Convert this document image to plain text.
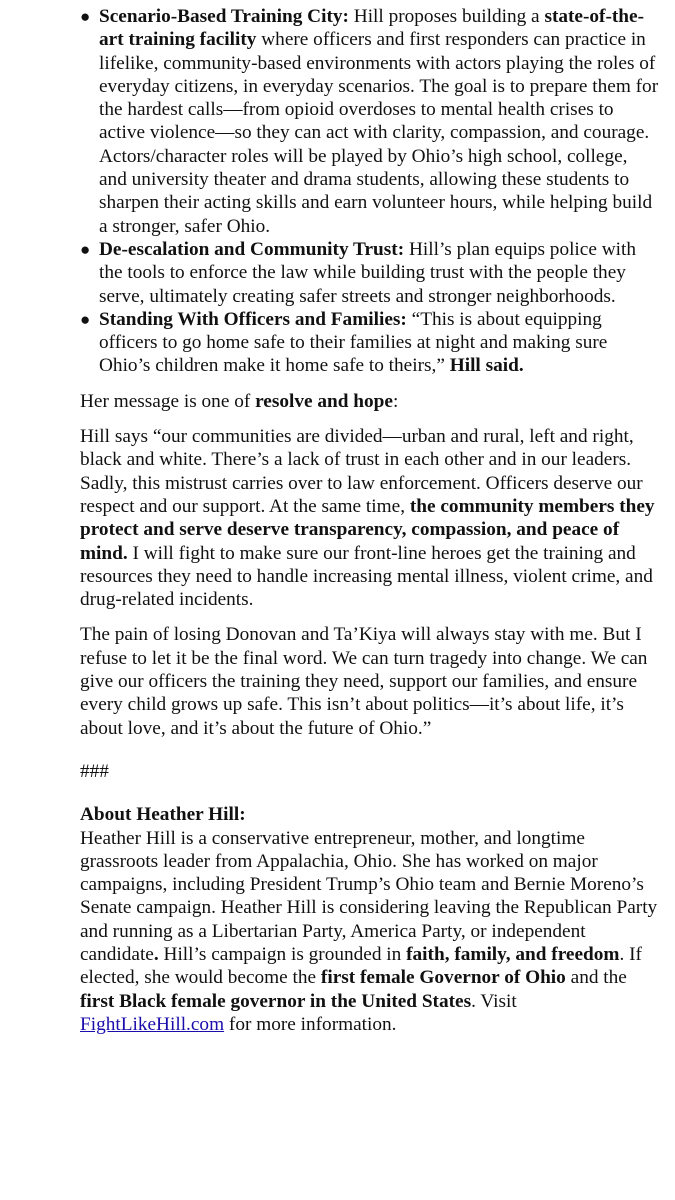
● Scenario-Based Training City: Hill proposes building a state-of-the-art training facility where officers and first responders can practice in lifelike, community-based environments with actors playing the roles of everyday citizens, in everyday scenarios. The goal is to prepare them for the hardest calls—from opioid overdoses to mental health crises to active violence—so they can act with clarity, compassion, and courage. Actors/character roles will be played by Ohio’s high school, college, and university theater and drama students, allowing these students to sharpen their acting skills and earn volunteer hours, while helping build a stronger, safer Ohio.
● De-escalation and Community Trust: Hill’s plan equips police with the tools to enforce the law while building trust with the people they serve, ultimately creating safer streets and stronger neighborhoods.
● Standing With Officers and Families: “This is about equipping officers to go home safe to their families at night and making sure Ohio’s children make it home safe to theirs,” Hill said.

Her message is one of resolve and hope:

Hill says “our communities are divided—urban and rural, left and right, black and white. There’s a lack of trust in each other and in our leaders. Sadly, this mistrust carries over to law enforcement. Officers deserve our respect and our support. At the same time, the community members they protect and serve deserve transparency, compassion, and peace of mind. I will fight to make sure our front-line heroes get the training and resources they need to handle increasing mental illness, violent crime, and drug-related incidents.

The pain of losing Donovan and Ta’Kiya will always stay with me. But I refuse to let it be the final word. We can turn tragedy into change. We can give our officers the training they need, support our families, and ensure every child grows up safe. This isn’t about politics—it’s about life, it’s about love, and it’s about the future of Ohio.”

###

About Heather Hill:

Heather Hill is a conservative entrepreneur, mother, and longtime grassroots leader from Appalachia, Ohio. She has worked on major campaigns, including President Trump’s Ohio team and Bernie Moreno’s Senate campaign. Heather Hill is considering leaving the Republican Party and running as a Libertarian Party, America Party, or independent candidate. Hill’s campaign is grounded in faith, family, and freedom. If elected, she would become the first female Governor of Ohio and the first Black female governor in the United States. Visit FightLikeHill.com for more information.
